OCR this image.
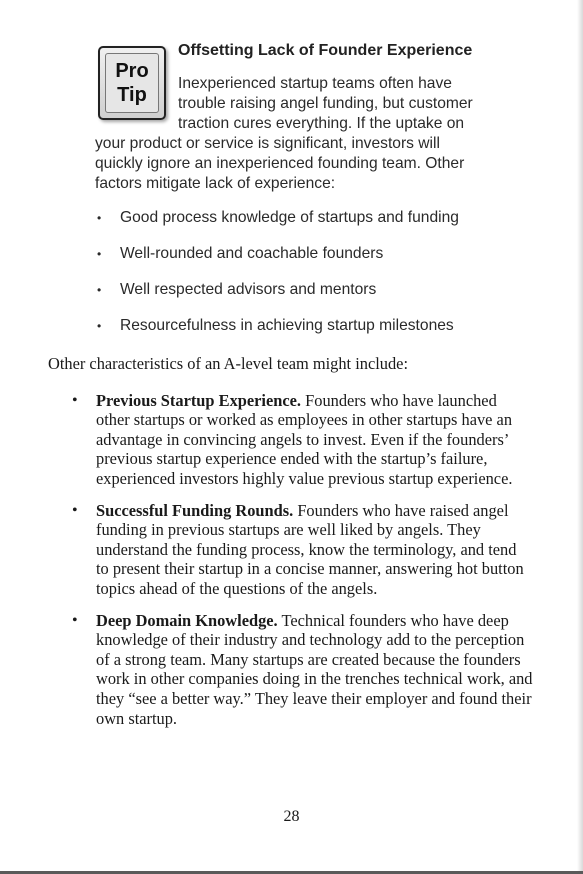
Pro
Tip
Offsetting Lack of Founder Experience

Inexperienced startup teams often have trouble raising angel funding, but customer traction cures everything. If the uptake on your product or service is significant, investors will quickly ignore an inexperienced founding team. Other factors mitigate lack of experience:

• Good process knowledge of startups and funding
• Well-rounded and coachable founders
• Well respected advisors and mentors
• Resourcefulness in achieving startup milestones

Other characteristics of an A-level team might include:

• Previous Startup Experience. Founders who have launched other startups or worked as employees in other startups have an advantage in convincing angels to invest. Even if the founders’ previous startup experience ended with the startup’s failure, experienced investors highly value previous startup experience.
• Successful Funding Rounds. Founders who have raised angel funding in previous startups are well liked by angels. They understand the funding process, know the terminology, and tend to present their startup in a concise manner, answering hot button topics ahead of the questions of the angels.
• Deep Domain Knowledge. Technical founders who have deep knowledge of their industry and technology add to the perception of a strong team. Many startups are created because the founders work in other companies doing in the trenches technical work, and they “see a better way.” They leave their employer and found their own startup.
28
